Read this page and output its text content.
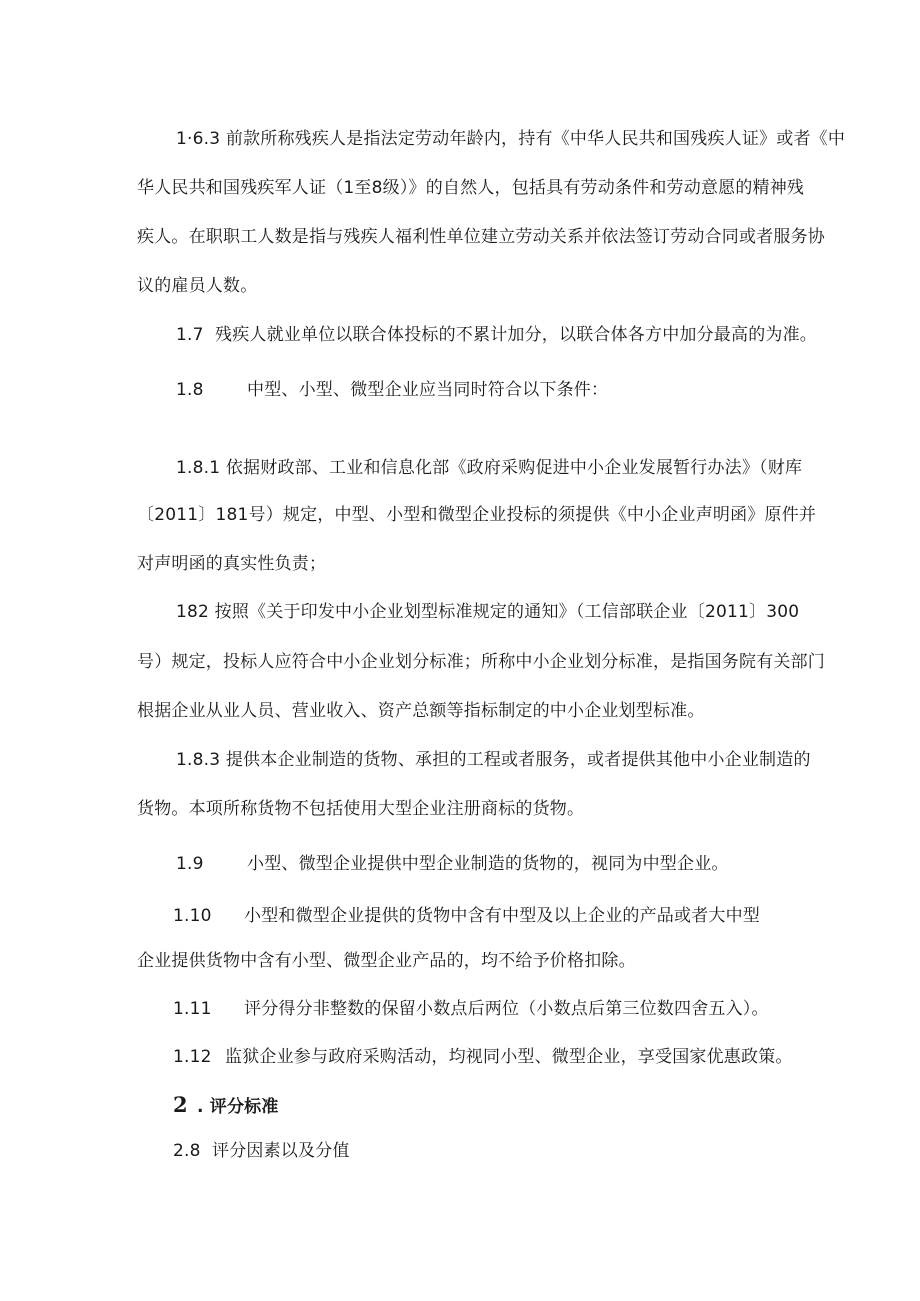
1·6.3 前款所称残疾人是指法定劳动年龄内，持有《中华人民共和国残疾人证》或者《中
华人民共和国残疾军人证（1至8级）》的自然人，包括具有劳动条件和劳动意愿的精神残
疾人。在职职工人数是指与残疾人福利性单位建立劳动关系并依法签订劳动合同或者服务协
议的雇员人数。
1.7 残疾人就业单位以联合体投标的不累计加分，以联合体各方中加分最高的为准。
1.8	中型、小型、微型企业应当同时符合以下条件：
1.8.1 依据财政部、工业和信息化部《政府采购促进中小企业发展暂行办法》（财库
〔2011〕181号）规定，中型、小型和微型企业投标的须提供《中小企业声明函》原件并
对声明函的真实性负责；
182 按照《关于印发中小企业划型标准规定的通知》（工信部联企业〔2011〕300
号）规定，投标人应符合中小企业划分标准；所称中小企业划分标准，是指国务院有关部门
根据企业从业人员、营业收入、资产总额等指标制定的中小企业划型标准。
1.8.3 提供本企业制造的货物、承担的工程或者服务，或者提供其他中小企业制造的
货物。本项所称货物不包括使用大型企业注册商标的货物。
1.9	小型、微型企业提供中型企业制造的货物的，视同为中型企业。
1.10 小型和微型企业提供的货物中含有中型及以上企业的产品或者大中型
企业提供货物中含有小型、微型企业产品的，均不给予价格扣除。
1.11 评分得分非整数的保留小数点后两位（小数点后第三位数四舍五入）。
1.12 监狱企业参与政府采购活动，均视同小型、微型企业，享受国家优惠政策。
2 . 评分标准
2.8 评分因素以及分值
